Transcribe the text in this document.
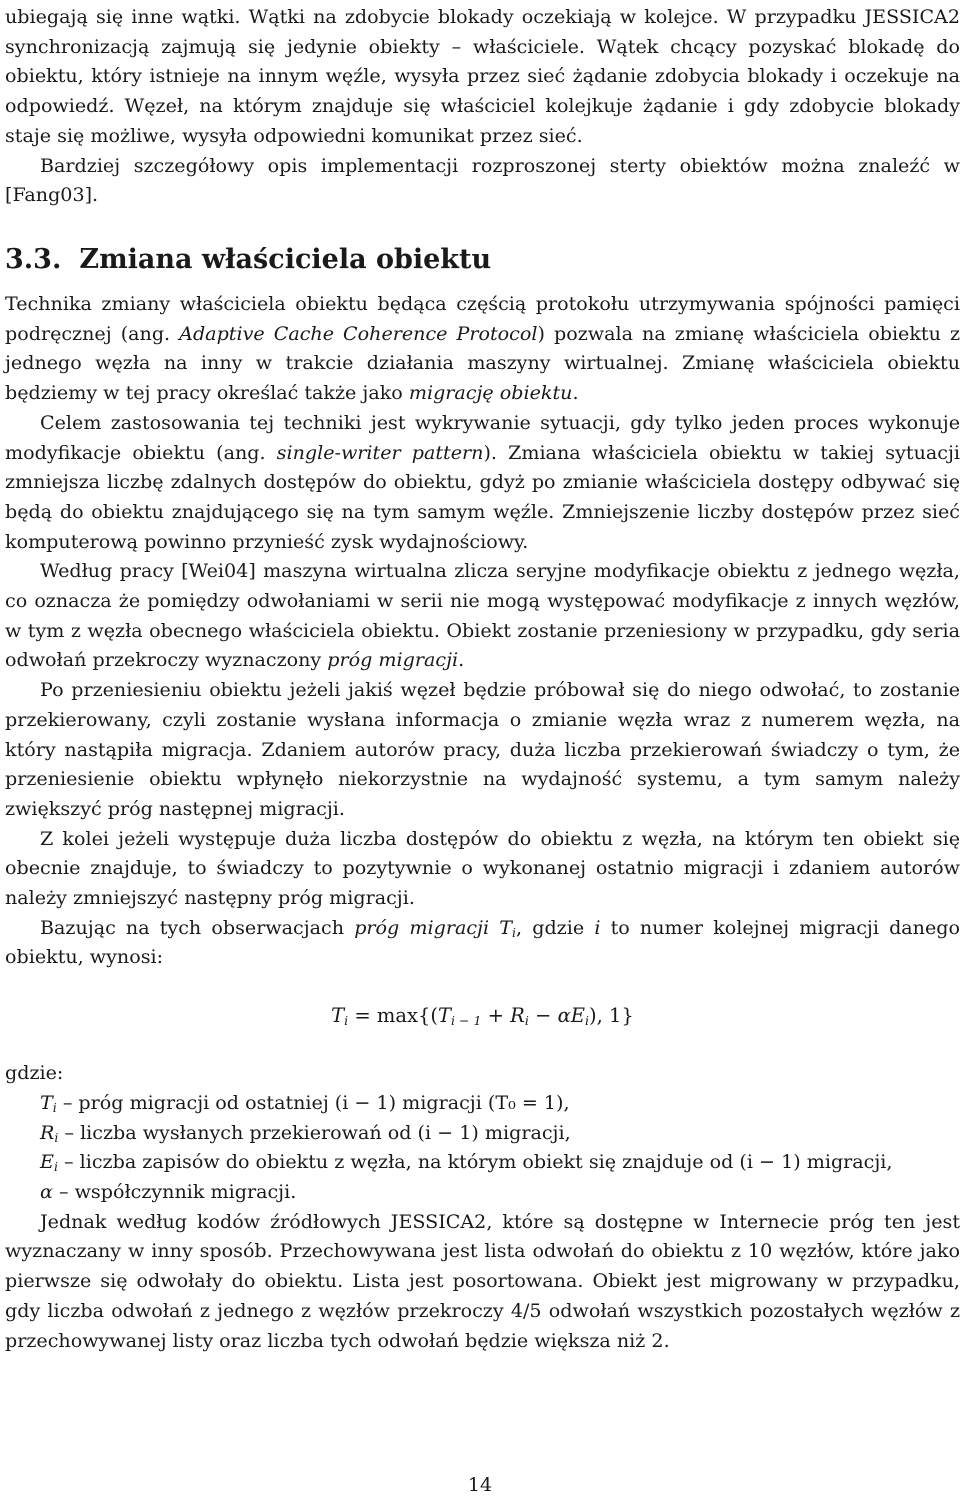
ubiegają się inne wątki. Wątki na zdobycie blokady oczekiają w kolejce. W przypadku JESSICA2 synchronizacją zajmują się jedynie obiekty – właściciele. Wątek chcący pozyskać blokadę do obiektu, który istnieje na innym węźle, wysyła przez sieć żądanie zdobycia blokady i oczekuje na odpowiedź. Węzeł, na którym znajduje się właściciel kolejkuje żądanie i gdy zdobycie blokady staje się możliwe, wysyła odpowiedni komunikat przez sieć.

Bardziej szczegółowy opis implementacji rozproszonej sterty obiektów można znaleźć w [Fang03].

3.3. Zmiana właściciela obiektu

Technika zmiany właściciela obiektu będąca częścią protokołu utrzymywania spójności pamięci podręcznej (ang. Adaptive Cache Coherence Protocol) pozwala na zmianę właściciela obiektu z jednego węzła na inny w trakcie działania maszyny wirtualnej. Zmianę właściciela obiektu będziemy w tej pracy określać także jako migrację obiektu.

Celem zastosowania tej techniki jest wykrywanie sytuacji, gdy tylko jeden proces wykonuje modyfikacje obiektu (ang. single-writer pattern). Zmiana właściciela obiektu w takiej sytuacji zmniejsza liczbę zdalnych dostępów do obiektu, gdyż po zmianie właściciela dostępy odbywać się będą do obiektu znajdującego się na tym samym węźle. Zmniejszenie liczby dostępów przez sieć komputerową powinno przynieść zysk wydajnościowy.

Według pracy [Wei04] maszyna wirtualna zlicza seryjne modyfikacje obiektu z jednego węzła, co oznacza że pomiędzy odwołaniami w serii nie mogą występować modyfikacje z innych węzłów, w tym z węzła obecnego właściciela obiektu. Obiekt zostanie przeniesiony w przypadku, gdy seria odwołań przekroczy wyznaczony próg migracji.

Po przeniesieniu obiektu jeżeli jakiś węzeł będzie próbował się do niego odwołać, to zostanie przekierowany, czyli zostanie wysłana informacja o zmianie węzła wraz z numerem węzła, na który nastąpiła migracja. Zdaniem autorów pracy, duża liczba przekierowań świadczy o tym, że przeniesienie obiektu wpłynęło niekorzystnie na wydajność systemu, a tym samym należy zwiększyć próg następnej migracji.

Z kolei jeżeli występuje duża liczba dostępów do obiektu z węzła, na którym ten obiekt się obecnie znajduje, to świadczy to pozytywnie o wykonanej ostatnio migracji i zdaniem autorów należy zmniejszyć następny próg migracji.

Bazując na tych obserwacjach próg migracji $T_i$, gdzie i to numer kolejnej migracji danego obiektu, wynosi:

$T_i = \max\{(T_{i - 1} + R_i - \alpha E_i)$, 1}

gdzie:

$T_i$ – próg migracji od ostatniej (i − 1) migracji (T₀ = 1),

$R_i$ – liczba wysłanych przekierowań od (i − 1) migracji,

$E_i$ – liczba zapisów do obiektu z węzła, na którym obiekt się znajduje od (i − 1) migracji,

α – współczynnik migracji.

Jednak według kodów źródłowych JESSICA2, które są dostępne w Internecie próg ten jest wyznaczany w inny sposób. Przechowywana jest lista odwołań do obiektu z 10 węzłów, które jako pierwsze się odwołały do obiektu. Lista jest posortowana. Obiekt jest migrowany w przypadku, gdy liczba odwołań z jednego z węzłów przekroczy 4/5 odwołań wszystkich pozostałych węzłów z przechowywanej listy oraz liczba tych odwołań będzie większa niż 2.

14
